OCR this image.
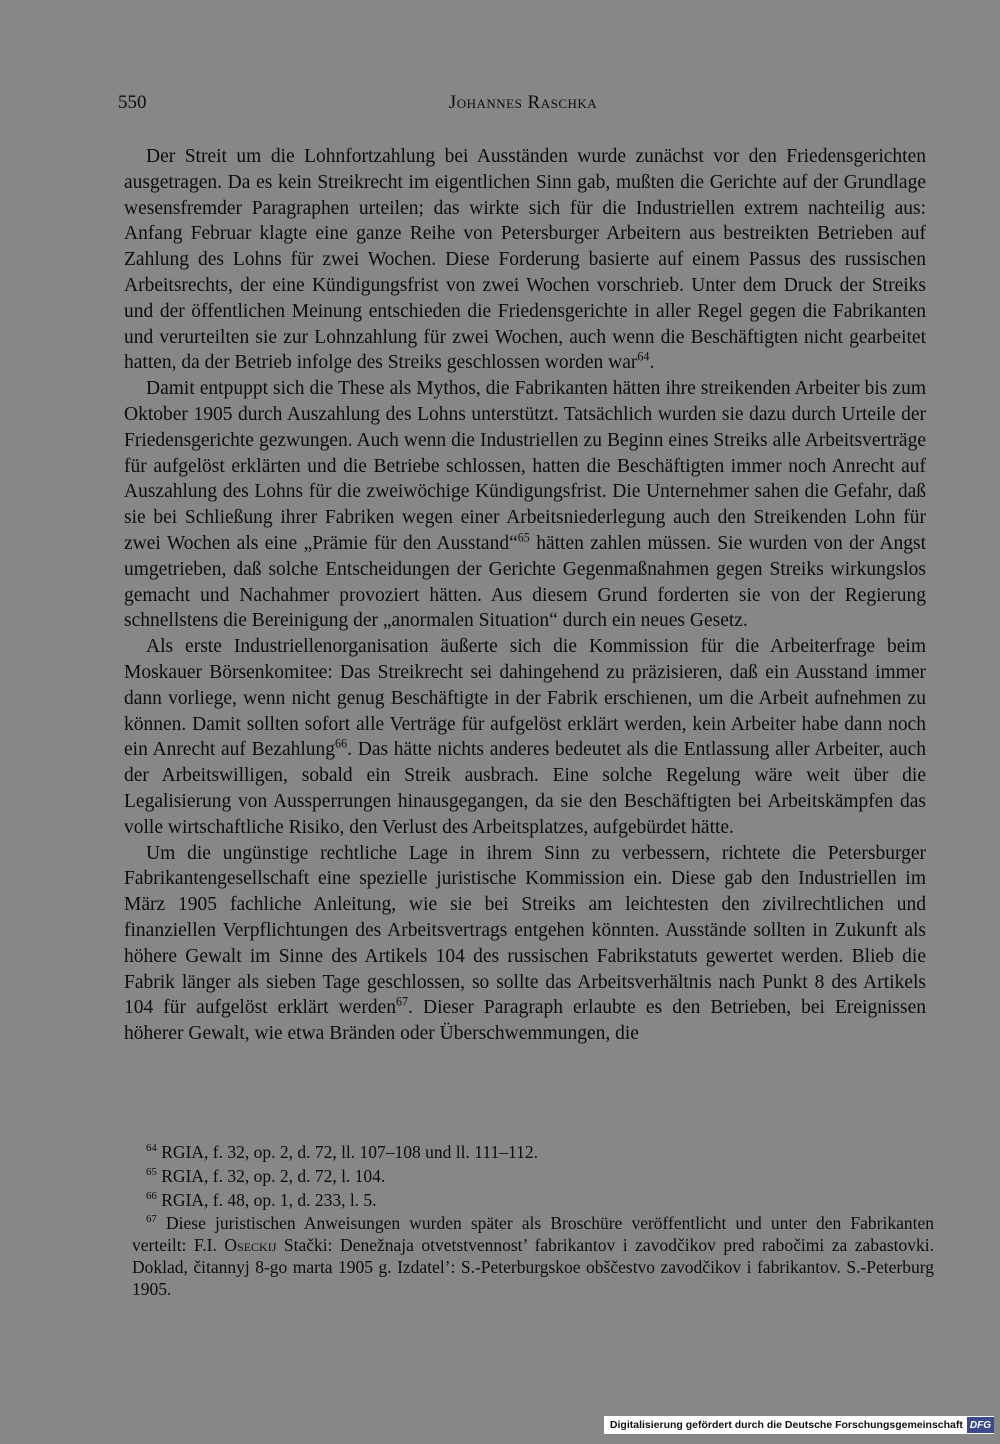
550	Johannes Raschka

Der Streit um die Lohnfortzahlung bei Ausständen wurde zunächst vor den Friedensgerichten ausgetragen. Da es kein Streikrecht im eigentlichen Sinn gab, mußten die Gerichte auf der Grundlage wesensfremder Paragraphen urteilen; das wirkte sich für die Industriellen extrem nachteilig aus: Anfang Februar klagte eine ganze Reihe von Petersburger Arbeitern aus bestreikten Betrieben auf Zahlung des Lohns für zwei Wochen. Diese Forderung basierte auf einem Passus des russischen Arbeitsrechts, der eine Kündigungsfrist von zwei Wochen vorschrieb. Unter dem Druck der Streiks und der öffentlichen Meinung entschieden die Friedensgerichte in aller Regel gegen die Fabrikanten und verurteilten sie zur Lohnzahlung für zwei Wochen, auch wenn die Beschäftigten nicht gearbeitet hatten, da der Betrieb infolge des Streiks geschlossen worden war$^{64}$.

Damit entpuppt sich die These als Mythos, die Fabrikanten hätten ihre streikenden Arbeiter bis zum Oktober 1905 durch Auszahlung des Lohns unterstützt. Tatsächlich wurden sie dazu durch Urteile der Friedensgerichte gezwungen. Auch wenn die Industriellen zu Beginn eines Streiks alle Arbeitsverträge für aufgelöst erklärten und die Betriebe schlossen, hatten die Beschäftigten immer noch Anrecht auf Auszahlung des Lohns für die zweiwöchige Kündigungsfrist. Die Unternehmer sahen die Gefahr, daß sie bei Schließung ihrer Fabriken wegen einer Arbeitsniederlegung auch den Streikenden Lohn für zwei Wochen als eine „Prämie für den Ausstand“$^{65}$ hätten zahlen müssen. Sie wurden von der Angst umgetrieben, daß solche Entscheidungen der Gerichte Gegenmaßnahmen gegen Streiks wirkungslos gemacht und Nachahmer provoziert hätten. Aus diesem Grund forderten sie von der Regierung schnellstens die Bereinigung der „anormalen Situation“ durch ein neues Gesetz.

Als erste Industriellenorganisation äußerte sich die Kommission für die Arbeiterfrage beim Moskauer Börsenkomitee: Das Streikrecht sei dahingehend zu präzisieren, daß ein Ausstand immer dann vorliege, wenn nicht genug Beschäftigte in der Fabrik erschienen, um die Arbeit aufnehmen zu können. Damit sollten sofort alle Verträge für aufgelöst erklärt werden, kein Arbeiter habe dann noch ein Anrecht auf Bezahlung$^{66}$. Das hätte nichts anderes bedeutet als die Entlassung aller Arbeiter, auch der Arbeitswilligen, sobald ein Streik ausbrach. Eine solche Regelung wäre weit über die Legalisierung von Aussperrungen hinausgegangen, da sie den Beschäftigten bei Arbeitskämpfen das volle wirtschaftliche Risiko, den Verlust des Arbeitsplatzes, aufgebürdet hätte.

Um die ungünstige rechtliche Lage in ihrem Sinn zu verbessern, richtete die Petersburger Fabrikantengesellschaft eine spezielle juristische Kommission ein. Diese gab den Industriellen im März 1905 fachliche Anleitung, wie sie bei Streiks am leichtesten den zivilrechtlichen und finanziellen Verpflichtungen des Arbeitsvertrags entgehen könnten. Ausstände sollten in Zukunft als höhere Gewalt im Sinne des Artikels 104 des russischen Fabrikstatuts gewertet werden. Blieb die Fabrik länger als sieben Tage geschlossen, so sollte das Arbeitsverhältnis nach Punkt 8 des Artikels 104 für aufgelöst erklärt werden$^{67}$. Dieser Paragraph erlaubte es den Betrieben, bei Ereignissen höherer Gewalt, wie etwa Bränden oder Überschwemmungen, die

$^{64}$ RGIA, f. 32, op. 2, d. 72, ll. 107–108 und ll. 111–112.

$^{65}$ RGIA, f. 32, op. 2, d. 72, l. 104.

$^{66}$ RGIA, f. 48, op. 1, d. 233, l. 5.

$^{67}$ Diese juristischen Anweisungen wurden später als Broschüre veröffentlicht und unter den Fabrikanten verteilt: F.I. Oseckij Stački: Denežnaja otvetstvennost’ fabrikantov i zavodčikov pred rabočimi za zabastovki. Doklad, čitannyj 8-go marta 1905 g. Izdatel’: S.-Peterburgskoe obščestvo zavodčikov i fabrikantov. S.-Peterburg 1905.

Digitalisierung gefördert durch die Deutsche Forschungsgemeinschaft DFG
